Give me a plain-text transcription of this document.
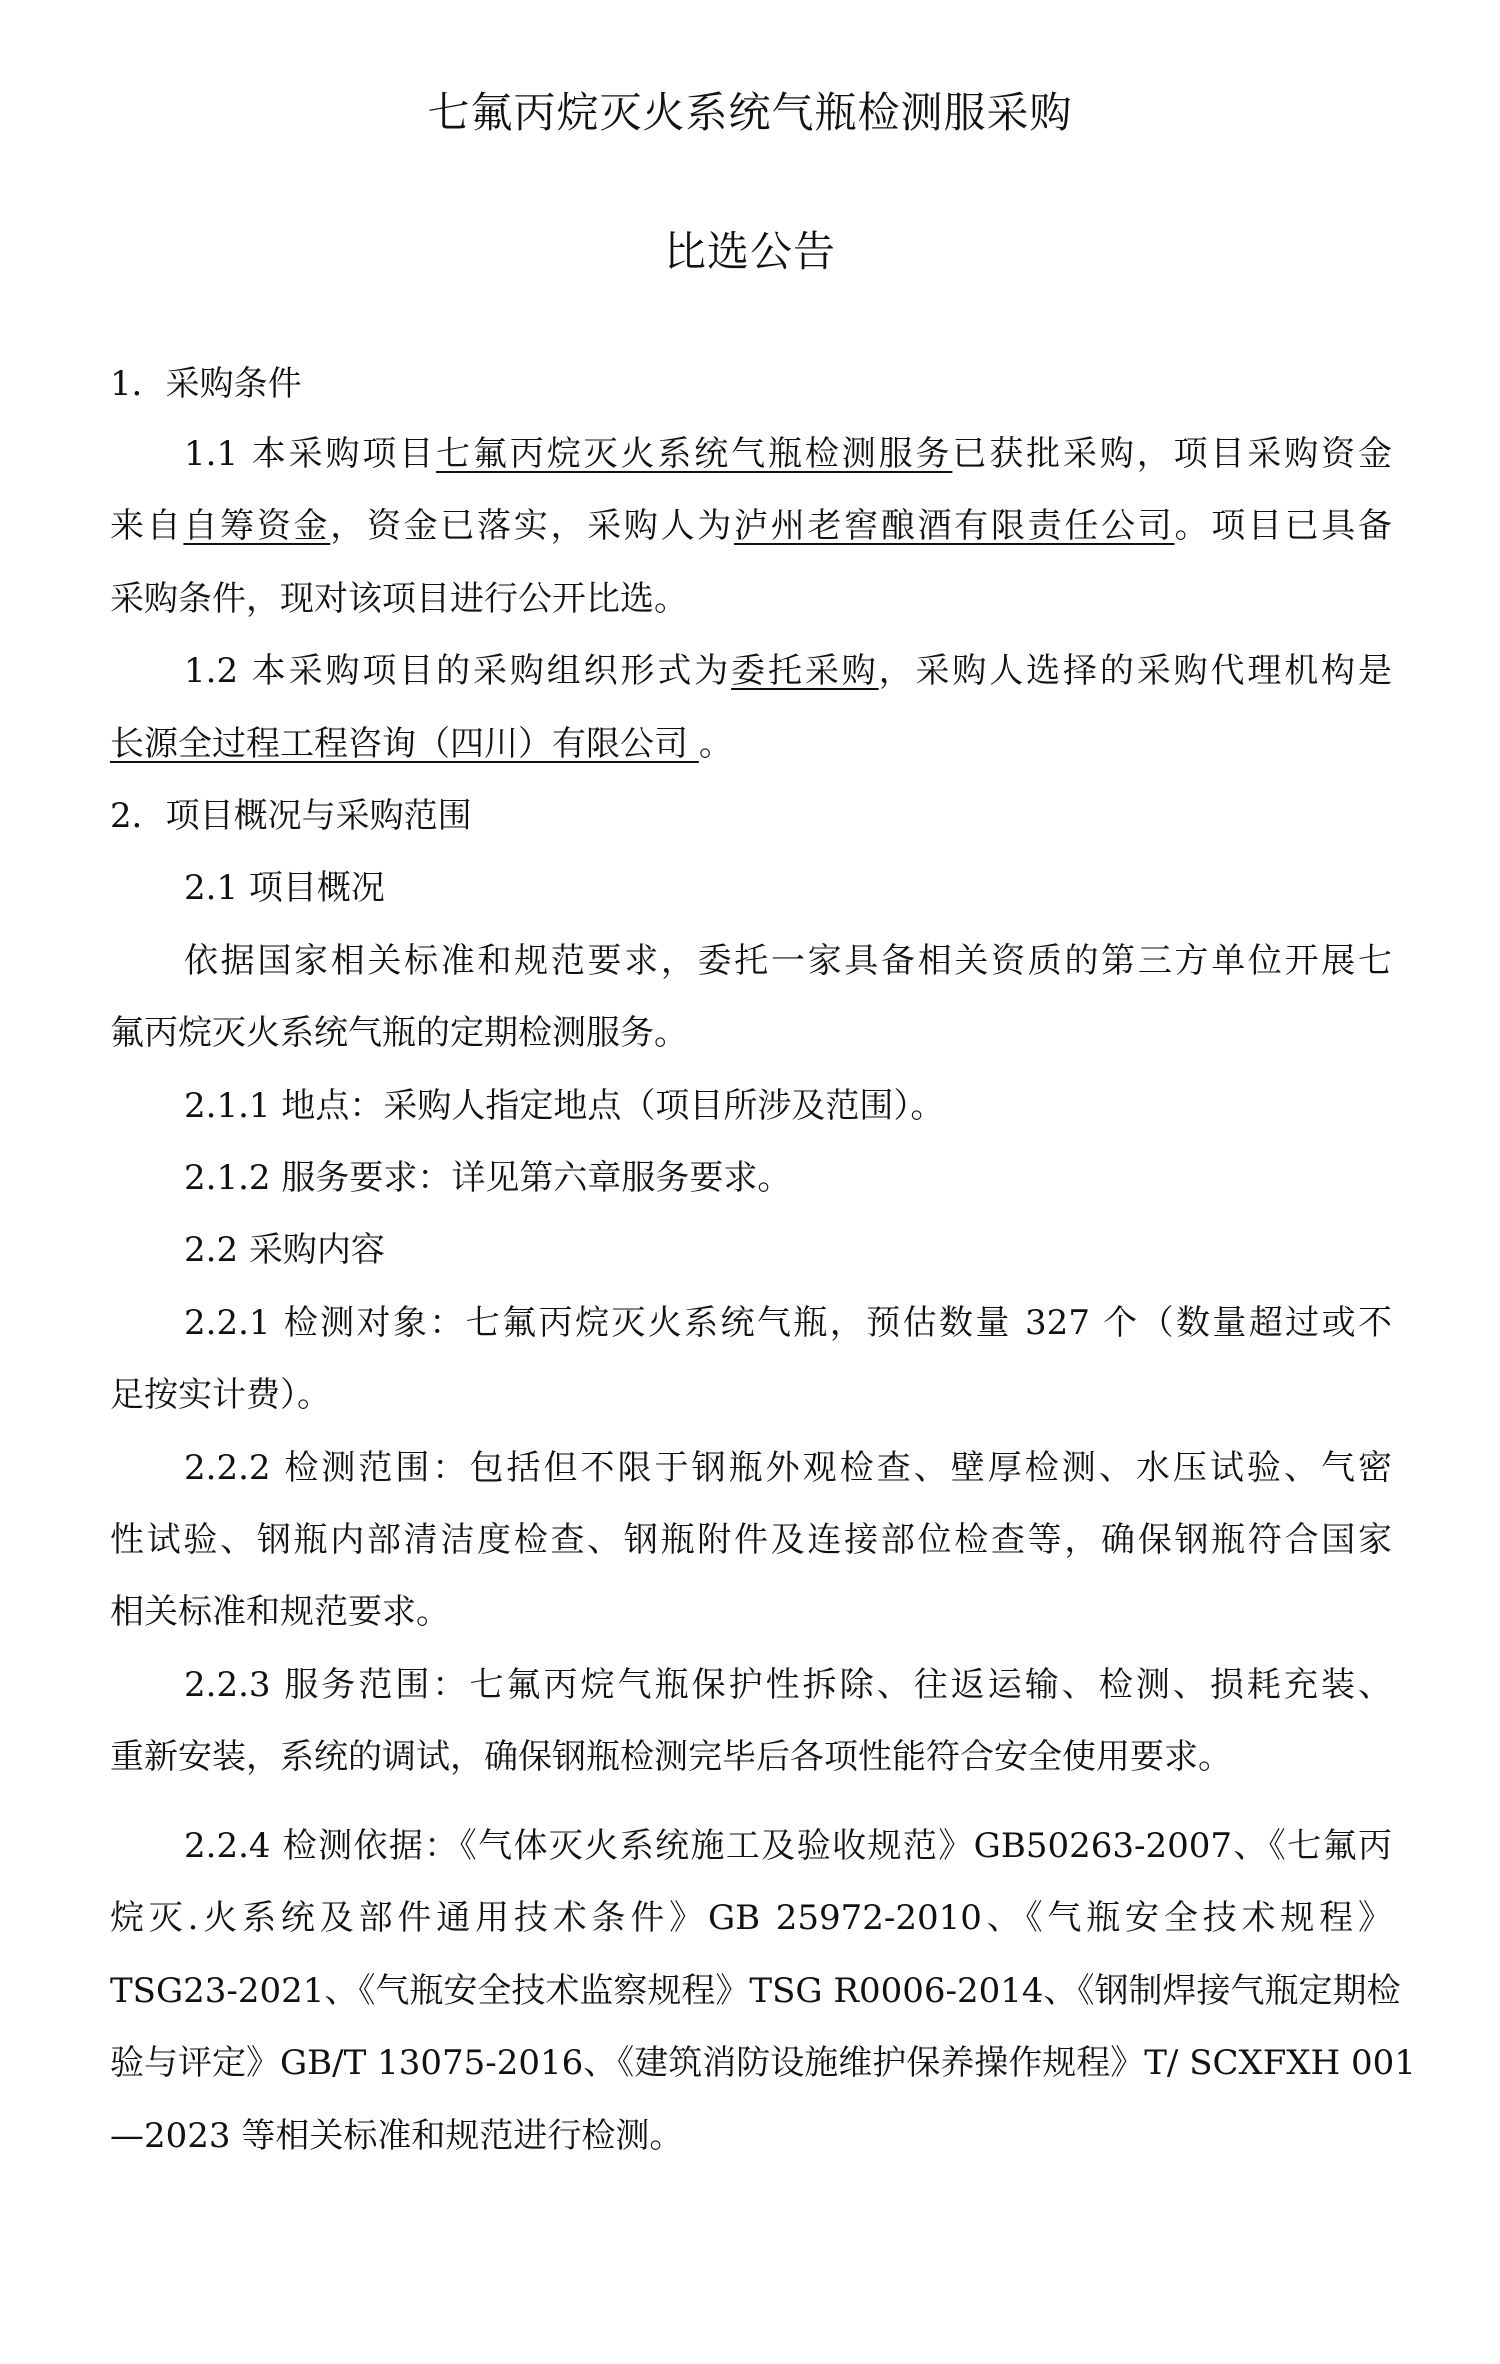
七氟丙烷灭火系统气瓶检测服采购
比选公告

1．采购条件

1.1 本采购项目七氟丙烷灭火系统气瓶检测服务已获批采购，项目采购资金

来自自筹资金，资金已落实，采购人为泸州老窖酿酒有限责任公司。项目已具备

采购条件，现对该项目进行公开比选。

1.2 本采购项目的采购组织形式为委托采购，采购人选择的采购代理机构是

长源全过程工程咨询（四川）有限公司 。

2．项目概况与采购范围

2.1 项目概况

依据国家相关标准和规范要求，委托一家具备相关资质的第三方单位开展七

氟丙烷灭火系统气瓶的定期检测服务。

2.1.1 地点：采购人指定地点（项目所涉及范围）。

2.1.2 服务要求：详见第六章服务要求。

2.2 采购内容

2.2.1 检测对象：七氟丙烷灭火系统气瓶，预估数量 327 个（数量超过或不

足按实计费）。

2.2.2 检测范围：包括但不限于钢瓶外观检查、壁厚检测、水压试验、气密

性试验、钢瓶内部清洁度检查、钢瓶附件及连接部位检查等，确保钢瓶符合国家

相关标准和规范要求。

2.2.3 服务范围：七氟丙烷气瓶保护性拆除、往返运输、检测、损耗充装、

重新安装，系统的调试，确保钢瓶检测完毕后各项性能符合安全使用要求。

2.2.4 检测依据：《气体灭火系统施工及验收规范》GB50263-2007、《七氟丙

烷灭.火系统及部件通用技术条件》GB 25972-2010、《气瓶安全技术规程》

TSG23-2021、《气瓶安全技术监察规程》TSG R0006-2014、《钢制焊接气瓶定期检

验与评定》GB/T 13075-2016、《建筑消防设施维护保养操作规程》T/ SCXFXH 001

—2023 等相关标准和规范进行检测。
